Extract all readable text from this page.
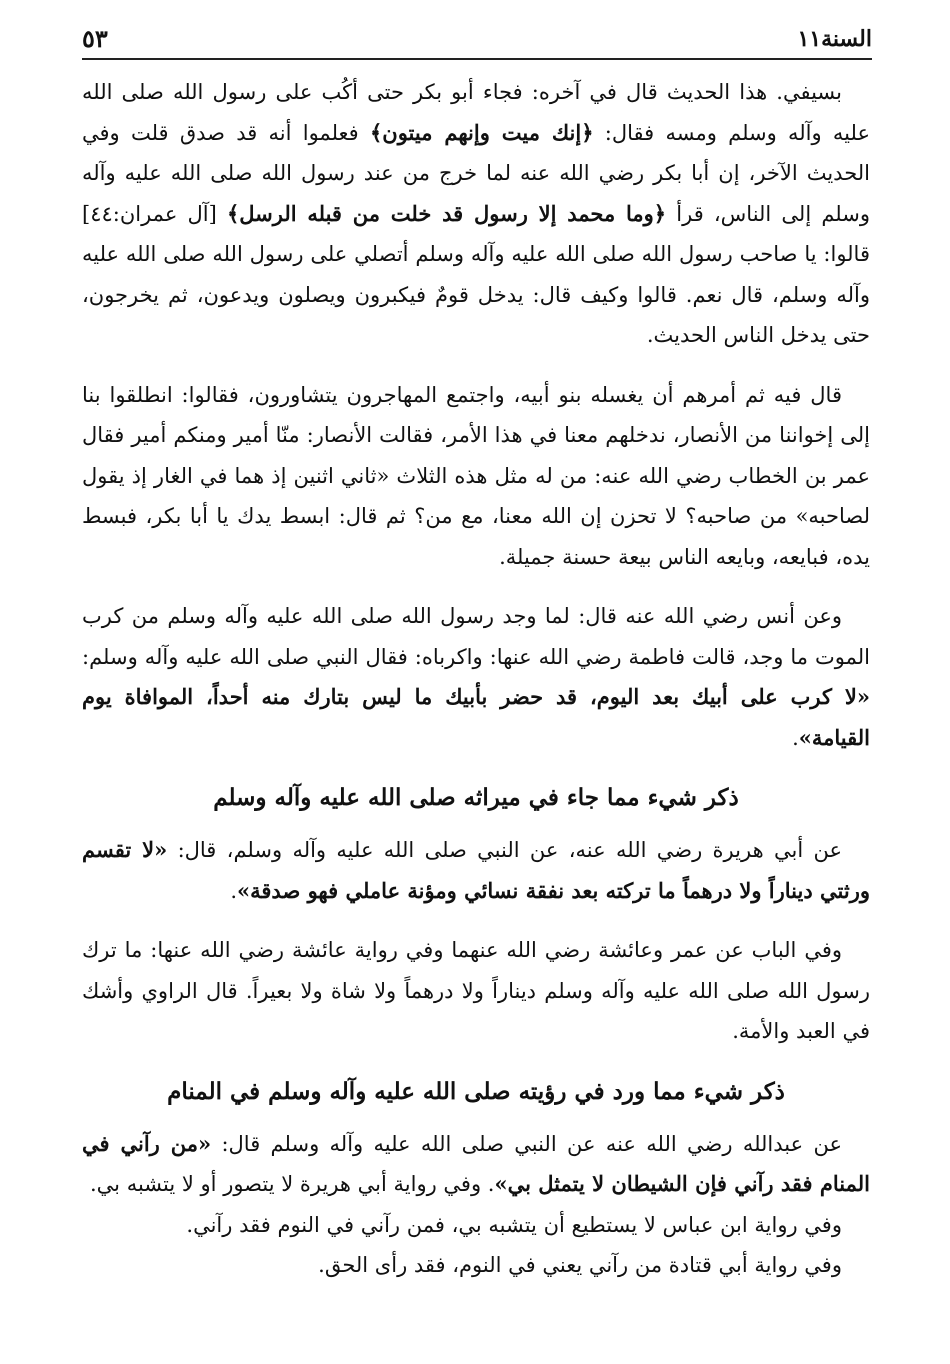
السنة١١
٥٣

بسيفي. هذا الحديث قال في آخره: فجاء أبو بكر حتى أكُب على رسول الله صلى الله عليه وآله وسلم ومسه فقال: ﴿إنك ميت وإنهم ميتون﴾ فعلموا أنه قد صدق قلت وفي الحديث الآخر، إن أبا بكر رضي الله عنه لما خرج من عند رسول الله صلى الله عليه وآله وسلم إلى الناس، قرأ ﴿وما محمد إلا رسول قد خلت من قبله الرسل﴾ [آل عمران:٤٤] قالوا: يا صاحب رسول الله صلى الله عليه وآله وسلم أتصلي على رسول الله صلى الله عليه وآله وسلم، قال نعم. قالوا وكيف قال: يدخل قومٌ فيكبرون ويصلون ويدعون، ثم يخرجون، حتى يدخل الناس الحديث.

قال فيه ثم أمرهم أن يغسله بنو أبيه، واجتمع المهاجرون يتشاورون، فقالوا: انطلقوا بنا إلى إخواننا من الأنصار، ندخلهم معنا في هذا الأمر، فقالت الأنصار: منّا أمير ومنكم أمير فقال عمر بن الخطاب رضي الله عنه: من له مثل هذه الثلاث «ثاني اثنين إذ هما في الغار إذ يقول لصاحبه» من صاحبه؟ لا تحزن إن الله معنا، مع من؟ ثم قال: ابسط يدك يا أبا بكر، فبسط يده، فبايعه، وبايعه الناس بيعة حسنة جميلة.

وعن أنس رضي الله عنه قال: لما وجد رسول الله صلى الله عليه وآله وسلم من كرب الموت ما وجد، قالت فاطمة رضي الله عنها: واكرباه: فقال النبي صلى الله عليه وآله وسلم: «لا كرب على أبيك بعد اليوم، قد حضر بأبيك ما ليس بتارك منه أحداً، الموافاة يوم القيامة».

ذكر شيء مما جاء في ميراثه صلى الله عليه وآله وسلم

عن أبي هريرة رضي الله عنه، عن النبي صلى الله عليه وآله وسلم، قال: «لا تقسم ورثتي ديناراً ولا درهماً ما تركته بعد نفقة نسائي ومؤنة عاملي فهو صدقة».

وفي الباب عن عمر وعائشة رضي الله عنهما وفي رواية عائشة رضي الله عنها: ما ترك رسول الله صلى الله عليه وآله وسلم ديناراً ولا درهماً ولا شاة ولا بعيراً. قال الراوي وأشك في العبد والأمة.

ذكر شيء مما ورد في رؤيته صلى الله عليه وآله وسلم في المنام

عن عبدالله رضي الله عنه عن النبي صلى الله عليه وآله وسلم قال: «من رآني في المنام فقد رآني فإن الشيطان لا يتمثل بي». وفي رواية أبي هريرة لا يتصور أو لا يتشبه بي.

وفي رواية ابن عباس لا يستطيع أن يتشبه بي، فمن رآني في النوم فقد رآني.

وفي رواية أبي قتادة من رآني يعني في النوم، فقد رأى الحق.
